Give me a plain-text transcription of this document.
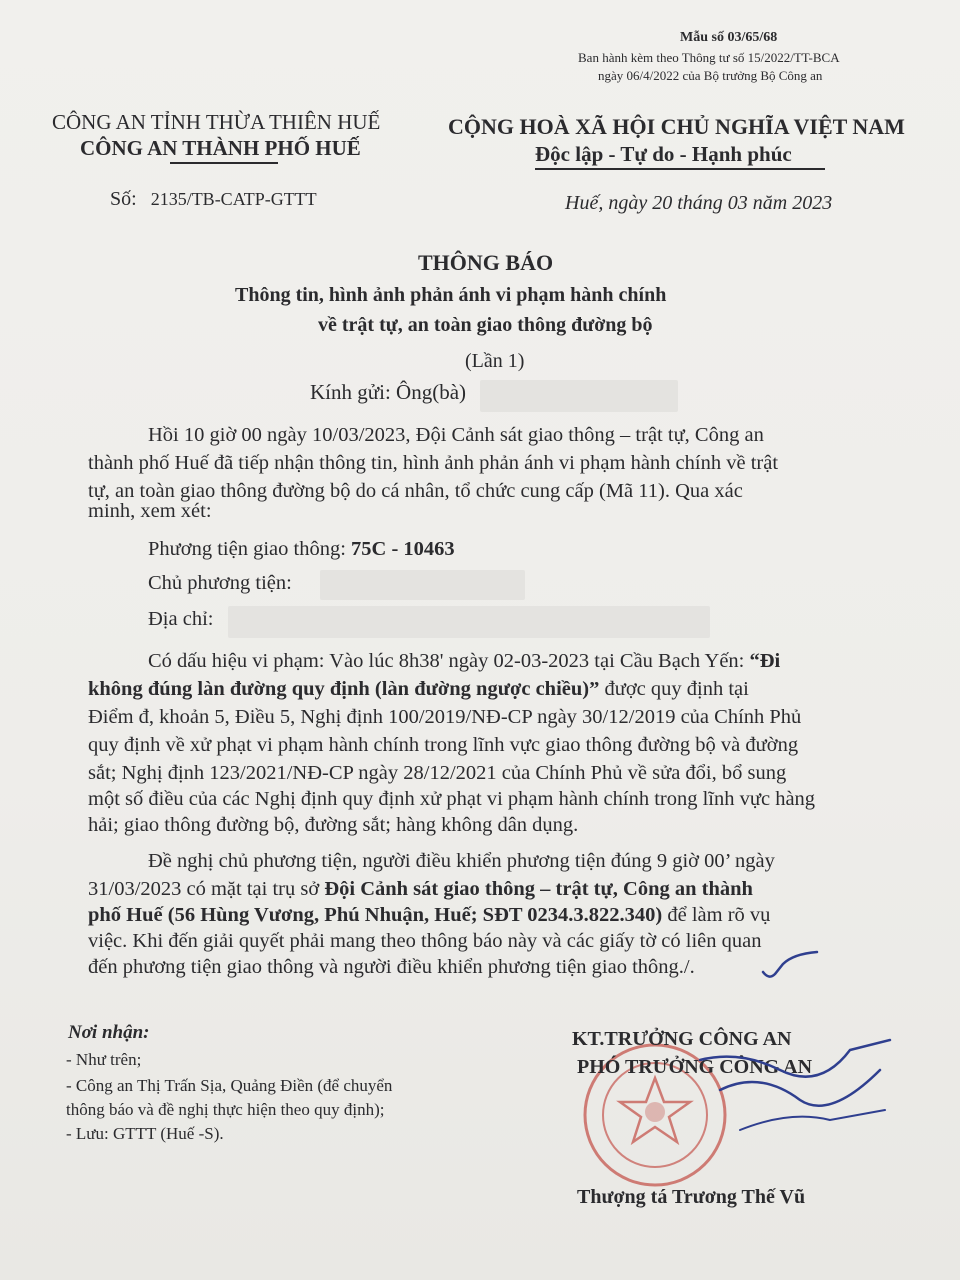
Mẫu số 03/65/68
Ban hành kèm theo Thông tư số 15/2022/TT-BCA
ngày 06/4/2022 của Bộ trưởng Bộ Công an
CÔNG AN TỈNH THỪA THIÊN HUẾ
CÔNG AN THÀNH PHỐ HUẾ
CỘNG HOÀ XÃ HỘI CHỦ NGHĨA VIỆT NAM
Độc lập - Tự do - Hạnh phúc
Số: 2135/TB-CATP-GTTT	Huế, ngày 20 tháng 03 năm 2023
THÔNG BÁO
Thông tin, hình ảnh phản ánh vi phạm hành chính
về trật tự, an toàn giao thông đường bộ
(Lần 1)
Kính gửi: Ông(bà)
Hồi 10 giờ 00 ngày 10/03/2023, Đội Cảnh sát giao thông – trật tự, Công an
thành phố Huế đã tiếp nhận thông tin, hình ảnh phản ánh vi phạm hành chính về trật
tự, an toàn giao thông đường bộ do cá nhân, tổ chức cung cấp (Mã 11). Qua xác
minh, xem xét:
Phương tiện giao thông: 75C - 10463
Chủ phương tiện:
Địa chỉ:
Có dấu hiệu vi phạm: Vào lúc 8h38' ngày 02-03-2023 tại Cầu Bạch Yến: “Đi
không đúng làn đường quy định (làn đường ngược chiều)” được quy định tại
Điểm đ, khoản 5, Điều 5, Nghị định 100/2019/NĐ-CP ngày 30/12/2019 của Chính Phủ
quy định về xử phạt vi phạm hành chính trong lĩnh vực giao thông đường bộ và đường
sắt; Nghị định 123/2021/NĐ-CP ngày 28/12/2021 của Chính Phủ về sửa đổi, bổ sung
một số điều của các Nghị định quy định xử phạt vi phạm hành chính trong lĩnh vực hàng
hải; giao thông đường bộ, đường sắt; hàng không dân dụng.
Đề nghị chủ phương tiện, người điều khiển phương tiện đúng 9 giờ 00’ ngày
31/03/2023 có mặt tại trụ sở Đội Cảnh sát giao thông – trật tự, Công an thành
phố Huế (56 Hùng Vương, Phú Nhuận, Huế; SĐT 0234.3.822.340) để làm rõ vụ
việc. Khi đến giải quyết phải mang theo thông báo này và các giấy tờ có liên quan
đến phương tiện giao thông và người điều khiển phương tiện giao thông./.
Nơi nhận:
- Như trên;
- Công an Thị Trấn Sịa, Quảng Điền (để chuyển
thông báo và đề nghị thực hiện theo quy định);
- Lưu: GTTT (Huế -S).
KT.TRƯỞNG CÔNG AN
PHÓ TRƯỞNG CÔNG AN
Thượng tá Trương Thế Vũ
